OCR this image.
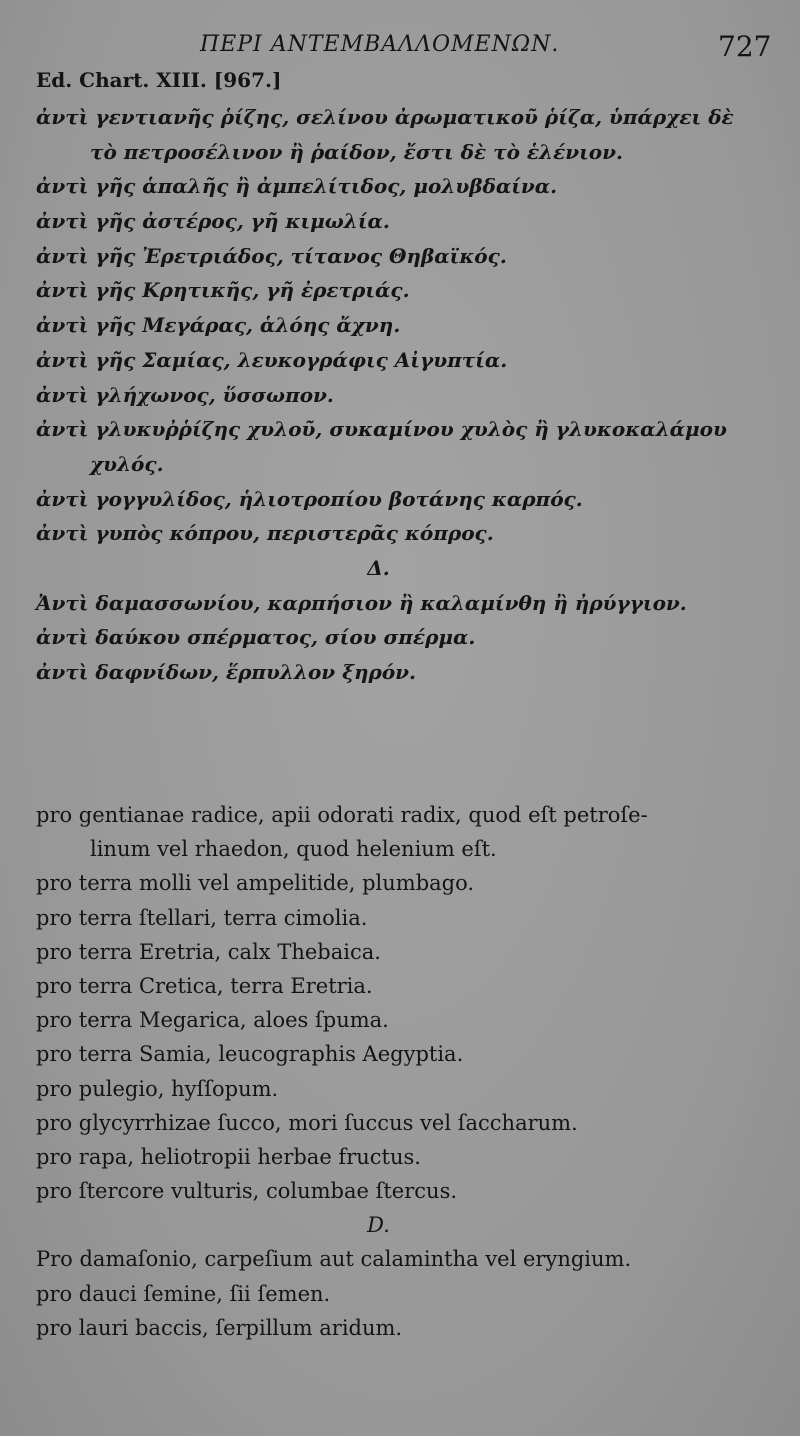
ΠΕΡΙ ΑΝΤΕΜΒΑΛΛΟΜΕΝΩΝ.	727
Ed. Chart. XIII. [967.]
ἀντὶ γεντιανῆς ῥίζης, σελίνου ἀρωματικοῦ ῥίζα, ὑπάρχει δὲ
τὸ πετροσέλινον ἢ ῥαίδον, ἔστι δὲ τὸ ἑλένιον.
ἀντὶ γῆς ἁπαλῆς ἢ ἀμπελίτιδος, μολυβδαίνα.
ἀντὶ γῆς ἀστέρος, γῆ κιμωλία.
ἀντὶ γῆς Ἐρετριάδος, τίτανος Θηβαϊκός.
ἀντὶ γῆς Κρητικῆς, γῆ ἐρετριάς.
ἀντὶ γῆς Μεγάρας, ἁλόης ἄχνη.
ἀντὶ γῆς Σαμίας, λευκογράφις Αἰγυπτία.
ἀντὶ γλήχωνος, ὕσσωπον.
ἀντὶ γλυκυῤῥίζης χυλοῦ, συκαμίνου χυλὸς ἢ γλυκοκαλάμου
χυλός.
ἀντὶ γογγυλίδος, ἡλιοτροπίου βοτάνης καρπός.
ἀντὶ γυπὸς κόπρου, περιστερᾶς κόπρος.
Δ.
Ἀντὶ δαμασσωνίου, καρπήσιον ἢ καλαμίνθη ἢ ἠρύγγιον.
ἀντὶ δαύκου σπέρματος, σίου σπέρμα.
ἀντὶ δαφνίδων, ἕρπυλλον ξηρόν.
pro gentianae radice, apii odorati radix, quod eſt petroſe-
linum vel rhaedon, quod helenium eſt.
pro terra molli vel ampelitide, plumbago.
pro terra ſtellari, terra cimolia.
pro terra Eretria, calx Thebaica.
pro terra Cretica, terra Eretria.
pro terra Megarica, aloes ſpuma.
pro terra Samia, leucographis Aegyptia.
pro pulegio, hyſſopum.
pro glycyrrhizae ſucco, mori ſuccus vel ſaccharum.
pro rapa, heliotropii herbae fructus.
pro ſtercore vulturis, columbae ſtercus.
D.
Pro damaſonio, carpeſium aut calamintha vel eryngium.
pro dauci ſemine, ſii ſemen.
pro lauri baccis, ſerpillum aridum.
